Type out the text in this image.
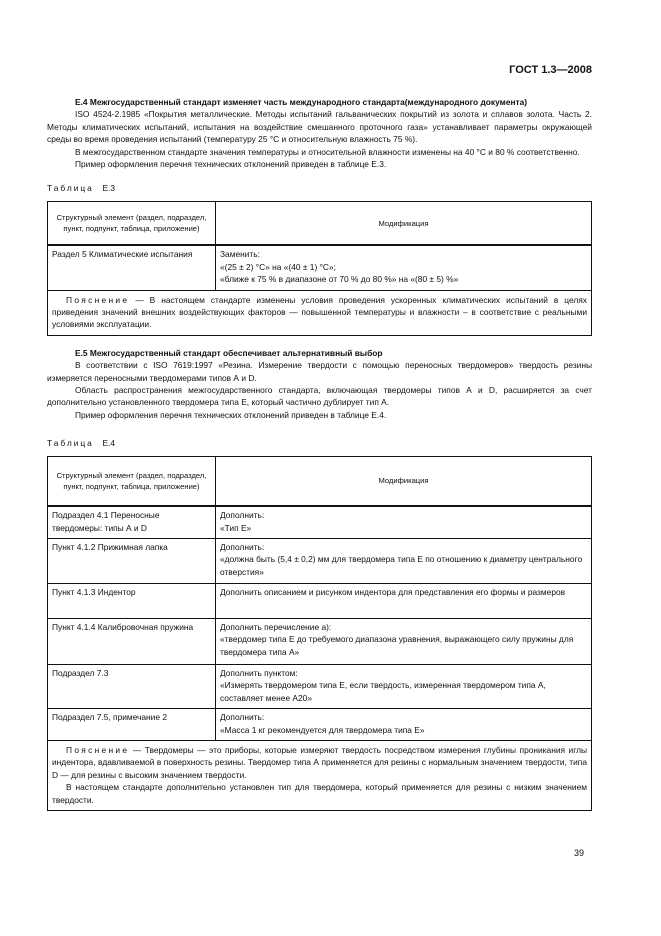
ГОСТ 1.3—2008
Е.4 Межгосударственный стандарт изменяет часть международного стандарта(международного документа)

ISO 4524-2.1985 «Покрытия металлические. Методы испытаний гальванических покрытий из золота и сплавов золота. Часть 2. Методы климатических испытаний, испытания на воздействие смешанного проточного газа» устанавливает параметры окружающей среды во время проведения испытаний (температуру 25 °С и относительную влажность 75 %).

В межгосударственном стандарте значения температуры и относительной влажности изменены на 40 °С и 80 % соответственно.

Пример оформления перечня технических отклонений приведен в таблице Е.3.

Таблица Е.3
Структурный элемент (раздел, подраздел, пункт, подпункт, таблица, приложение)	Модификация
Раздел 5 Климатические испытания	Заменить:
«(25 ± 2) °С» на «(40 ± 1) °С»;
«ближе к 75 % в диапазоне от 70 % до 80 %» на «(80 ± 5) %»

Пояснение — В настоящем стандарте изменены условия проведения ускоренных климатических испытаний в целях приведения значений внешних воздействующих факторов — повышенной температуры и влажности – в соответствие с реальными условиями эксплуатации.	

Е.5 Межгосударственный стандарт обеспечивает альтернативный выбор

В соответствии с ISO 7619:1997 «Резина. Измерение твердости с помощью переносных твердомеров» твердость резины измеряется переносными твердомерами типов А и D.

Область распространения межгосударственного стандарта, включающая твердомеры типов А и D, расширяется за счет дополнительно установленного твердомера типа Е, который частично дублирует тип А.

Пример оформления перечня технических отклонений приведен в таблице Е.4.

Таблица Е.4
Структурный элемент (раздел, подраздел, пункт, подпункт, таблица, приложение)	Модификация
Подраздел 4.1 Переносные твердомеры: типы А и D	Дополнить:
«Тип Е»

Пункт 4.1.2 Прижимная лапка	Дополнить:
«должна быть (5,4 ± 0,2) мм для твердомера типа Е по отношению к диаметру центрального отверстия»

Пункт 4.1.3 Индентор	Дополнить описанием и рисунком индентора для представления его формы и размеров

Пункт 4.1.4 Калибровочная пружина	Дополнить перечисление а):
«твердомер типа Е до требуемого диапазона уравнения, выражающего силу пружины для твердомера типа А»

Подраздел 7.3	Дополнить пунктом:
«Измерять твердомером типа Е, если твердость, измеренная твердомером типа А, составляет менее А20»

Подраздел 7.5, примечание 2	Дополнить:
«Масса 1 кг рекомендуется для твердомера типа Е»

Пояснение — Твердомеры — это приборы, которые измеряют твердость посредством измерения глубины проникания иглы индентора, вдавливаемой в поверхность резины. Твердомер типа А применяется для резины с нормальным значением твердости, типа D — для резины с высоким значением твердости.

В настоящем стандарте дополнительно установлен тип для твердомера, который применяется для резины с низким значением твердости.	

39
